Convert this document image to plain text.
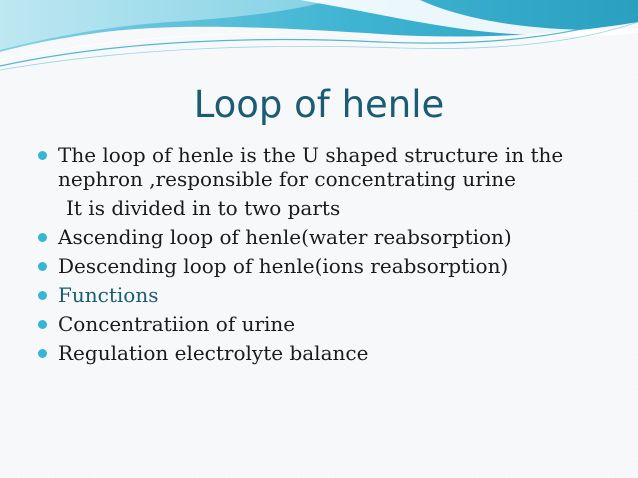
Loop of henle
The loop of henle is the U shaped structure in the nephron ,responsible for concentrating urine
It is divided in to two parts
Ascending loop of henle(water reabsorption)
Descending loop of henle(ions reabsorption)
Functions
Concentratiion of urine
Regulation electrolyte balance
